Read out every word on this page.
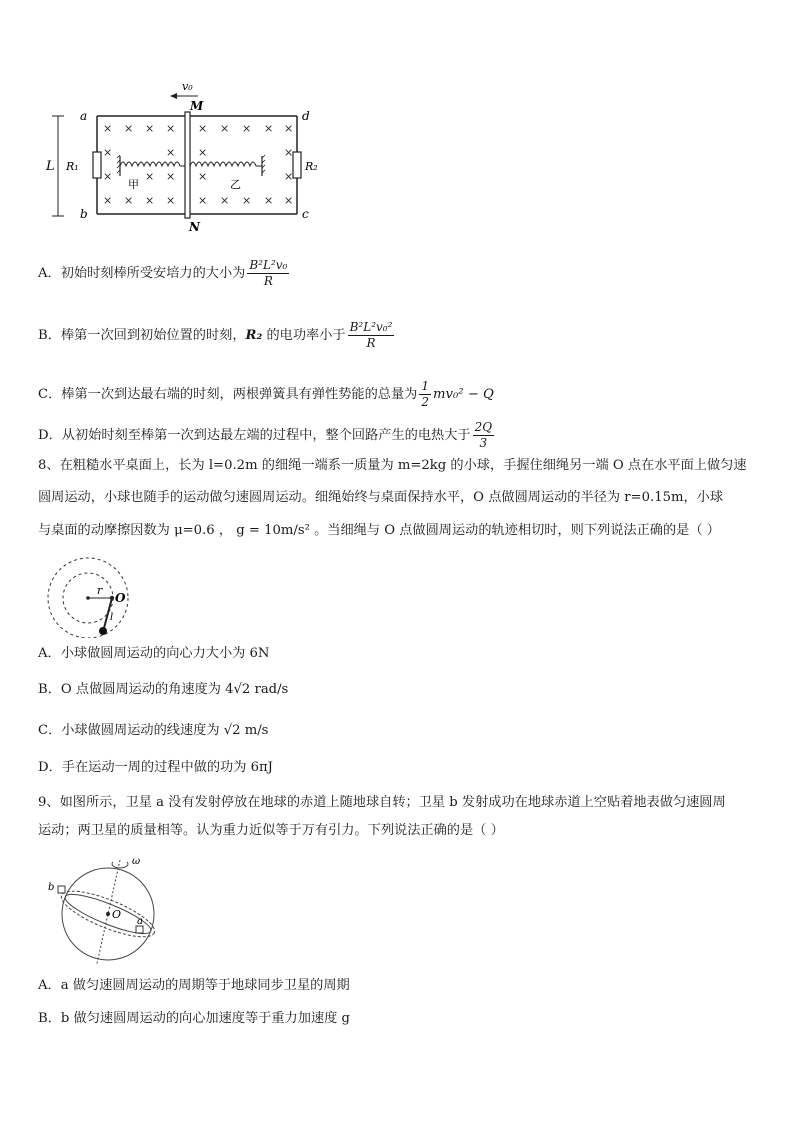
L R₁	R₂
a
b
d
c
M
N
v₀
× × × × × × × × ×
×	× ×	×
×	× × ×	×
× × × × × × × × ×
甲	乙
A．初始时刻棒所受安培力的大小为 $\frac{\text{B²L²v₀}}{R}$
B．棒第一次回到初始位置的时刻，R₂ 的电功率小于 $\frac{\text{B²L²v₀²}}{R}$
C．棒第一次到达最右端的时刻，两根弹簧具有弹性势能的总量为 $\frac{1}{2} mv_0^2 - Q$
D．从初始时刻至棒第一次到达最左端的过程中，整个回路产生的电热大于 $\frac{2Q}{3}$
8、在粗糙水平桌面上，长为 l=0.2m 的细绳一端系一质量为 m=2kg 的小球，手握住细绳另一端 O 点在水平面上做匀速
圆周运动，小球也随手的运动做匀速圆周运动。细绳始终与桌面保持水平，O 点做圆周运动的半径为 r=0.15m，小球
与桌面的动摩擦因数为 μ=0.6 ， g = 10m/s² 。当细绳与 O 点做圆周运动的轨迹相切时，则下列说法正确的是（ ）
r
O
l
A．小球做圆周运动的向心力大小为 6N
B．O 点做圆周运动的角速度为 4√2 rad/s
C．小球做圆周运动的线速度为 √2 m/s
D．手在运动一周的过程中做的功为 6πJ
9、如图所示，卫星 a 没有发射停放在地球的赤道上随地球自转；卫星 b 发射成功在地球赤道上空贴着地表做匀速圆周
运动；两卫星的质量相等。认为重力近似等于万有引力。下列说法正确的是（ ）
ω
O
b
a
A．a 做匀速圆周运动的周期等于地球同步卫星的周期
B．b 做匀速圆周运动的向心加速度等于重力加速度 g
